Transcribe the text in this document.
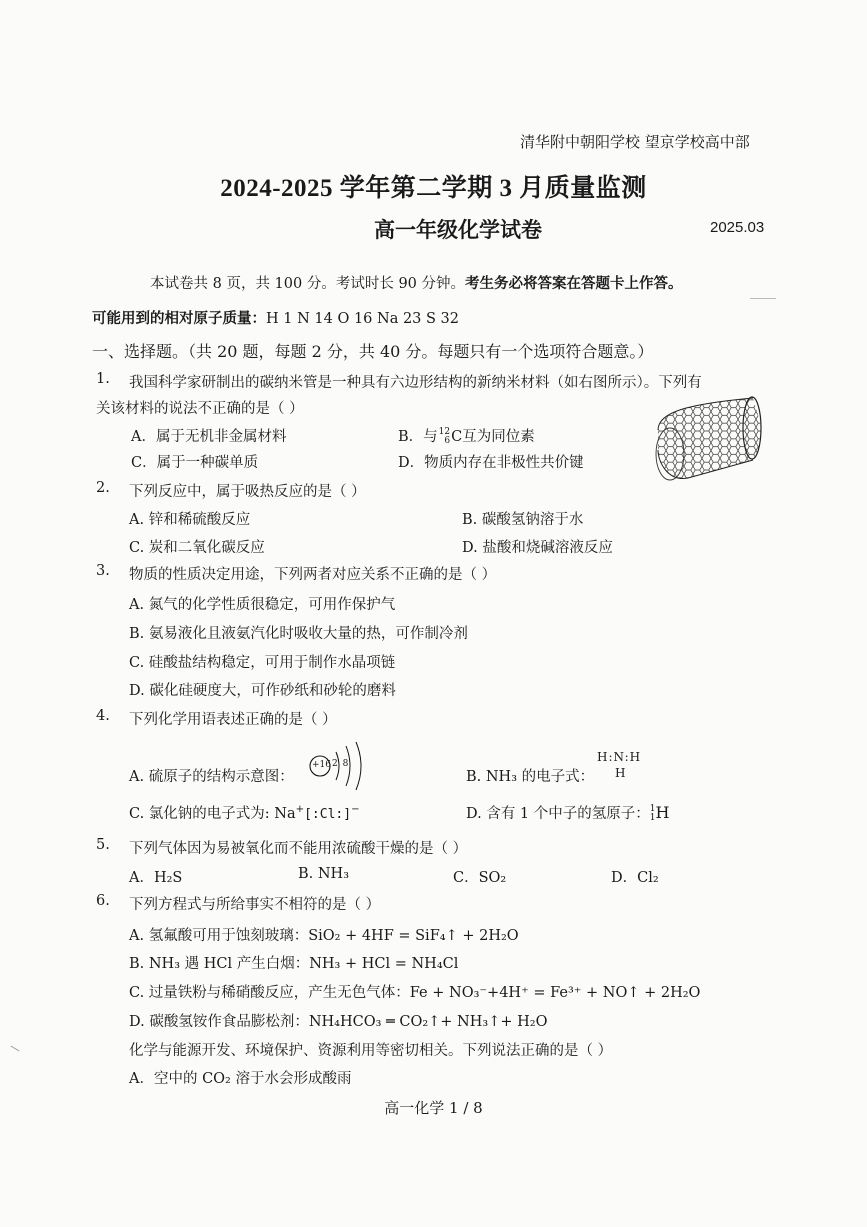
清华附中朝阳学校 望京学校高中部
2024-2025 学年第二学期 3 月质量监测
高一年级化学试卷	2025.03
本试卷共 8 页，共 100 分。考试时长 90 分钟。考生务必将答案在答题卡上作答。
可能用到的相对原子质量：H 1 N 14 O 16 Na 23 S 32
一、选择题。（共 20 题，每题 2 分，共 40 分。每题只有一个选项符合题意。）
1. 我国科学家研制出的碳纳米管是一种具有六边形结构的新纳米材料（如右图所示）。下列有
关该材料的说法不正确的是（ ）
A．属于无机非金属材料	B．与12
6C互为同位素
C．属于一种碳单质	D．物质内存在非极性共价键
2. 下列反应中，属于吸热反应的是（ ）
A. 锌和稀硫酸反应	B. 碳酸氢钠溶于水
C. 炭和二氧化碳反应	D. 盐酸和烧碱溶液反应
3. 物质的性质决定用途，下列两者对应关系不正确的是（ ）
A. 氮气的化学性质很稳定，可用作保护气
B. 氨易液化且液氨汽化时吸收大量的热，可作制冷剂
C. 硅酸盐结构稳定，可用于制作水晶项链
D. 碳化硅硬度大，可作砂纸和砂轮的磨料
4. 下列化学用语表述正确的是（ ）
A. 硫原子的结构示意图：
+16 2 8
B. NH₃ 的电子式：
H:N:H
H
C. 氯化钠的电子式为: Na+[:Cl:]−	D. 含有 1 个中子的氢原子：1
1H
5. 下列气体因为易被氧化而不能用浓硫酸干燥的是（ ）
A．H₂S	B. NH₃	C．SO₂	D．Cl₂
6. 下列方程式与所给事实不相符的是（ ）
A. 氢氟酸可用于蚀刻玻璃：SiO₂ + 4HF = SiF₄↑ + 2H₂O
B. NH₃ 遇 HCl 产生白烟：NH₃ + HCl = NH₄Cl
C. 过量铁粉与稀硝酸反应，产生无色气体：Fe + NO₃⁻+4H⁺ = Fe³⁺ + NO↑ + 2H₂O
D. 碳酸氢铵作食品膨松剂：NH₄HCO₃ ═ CO₂↑+ NH₃↑+ H₂O
化学与能源开发、环境保护、资源利用等密切相关。下列说法正确的是（ ）
A．空中的 CO₂ 溶于水会形成酸雨
高一化学 1 / 8
